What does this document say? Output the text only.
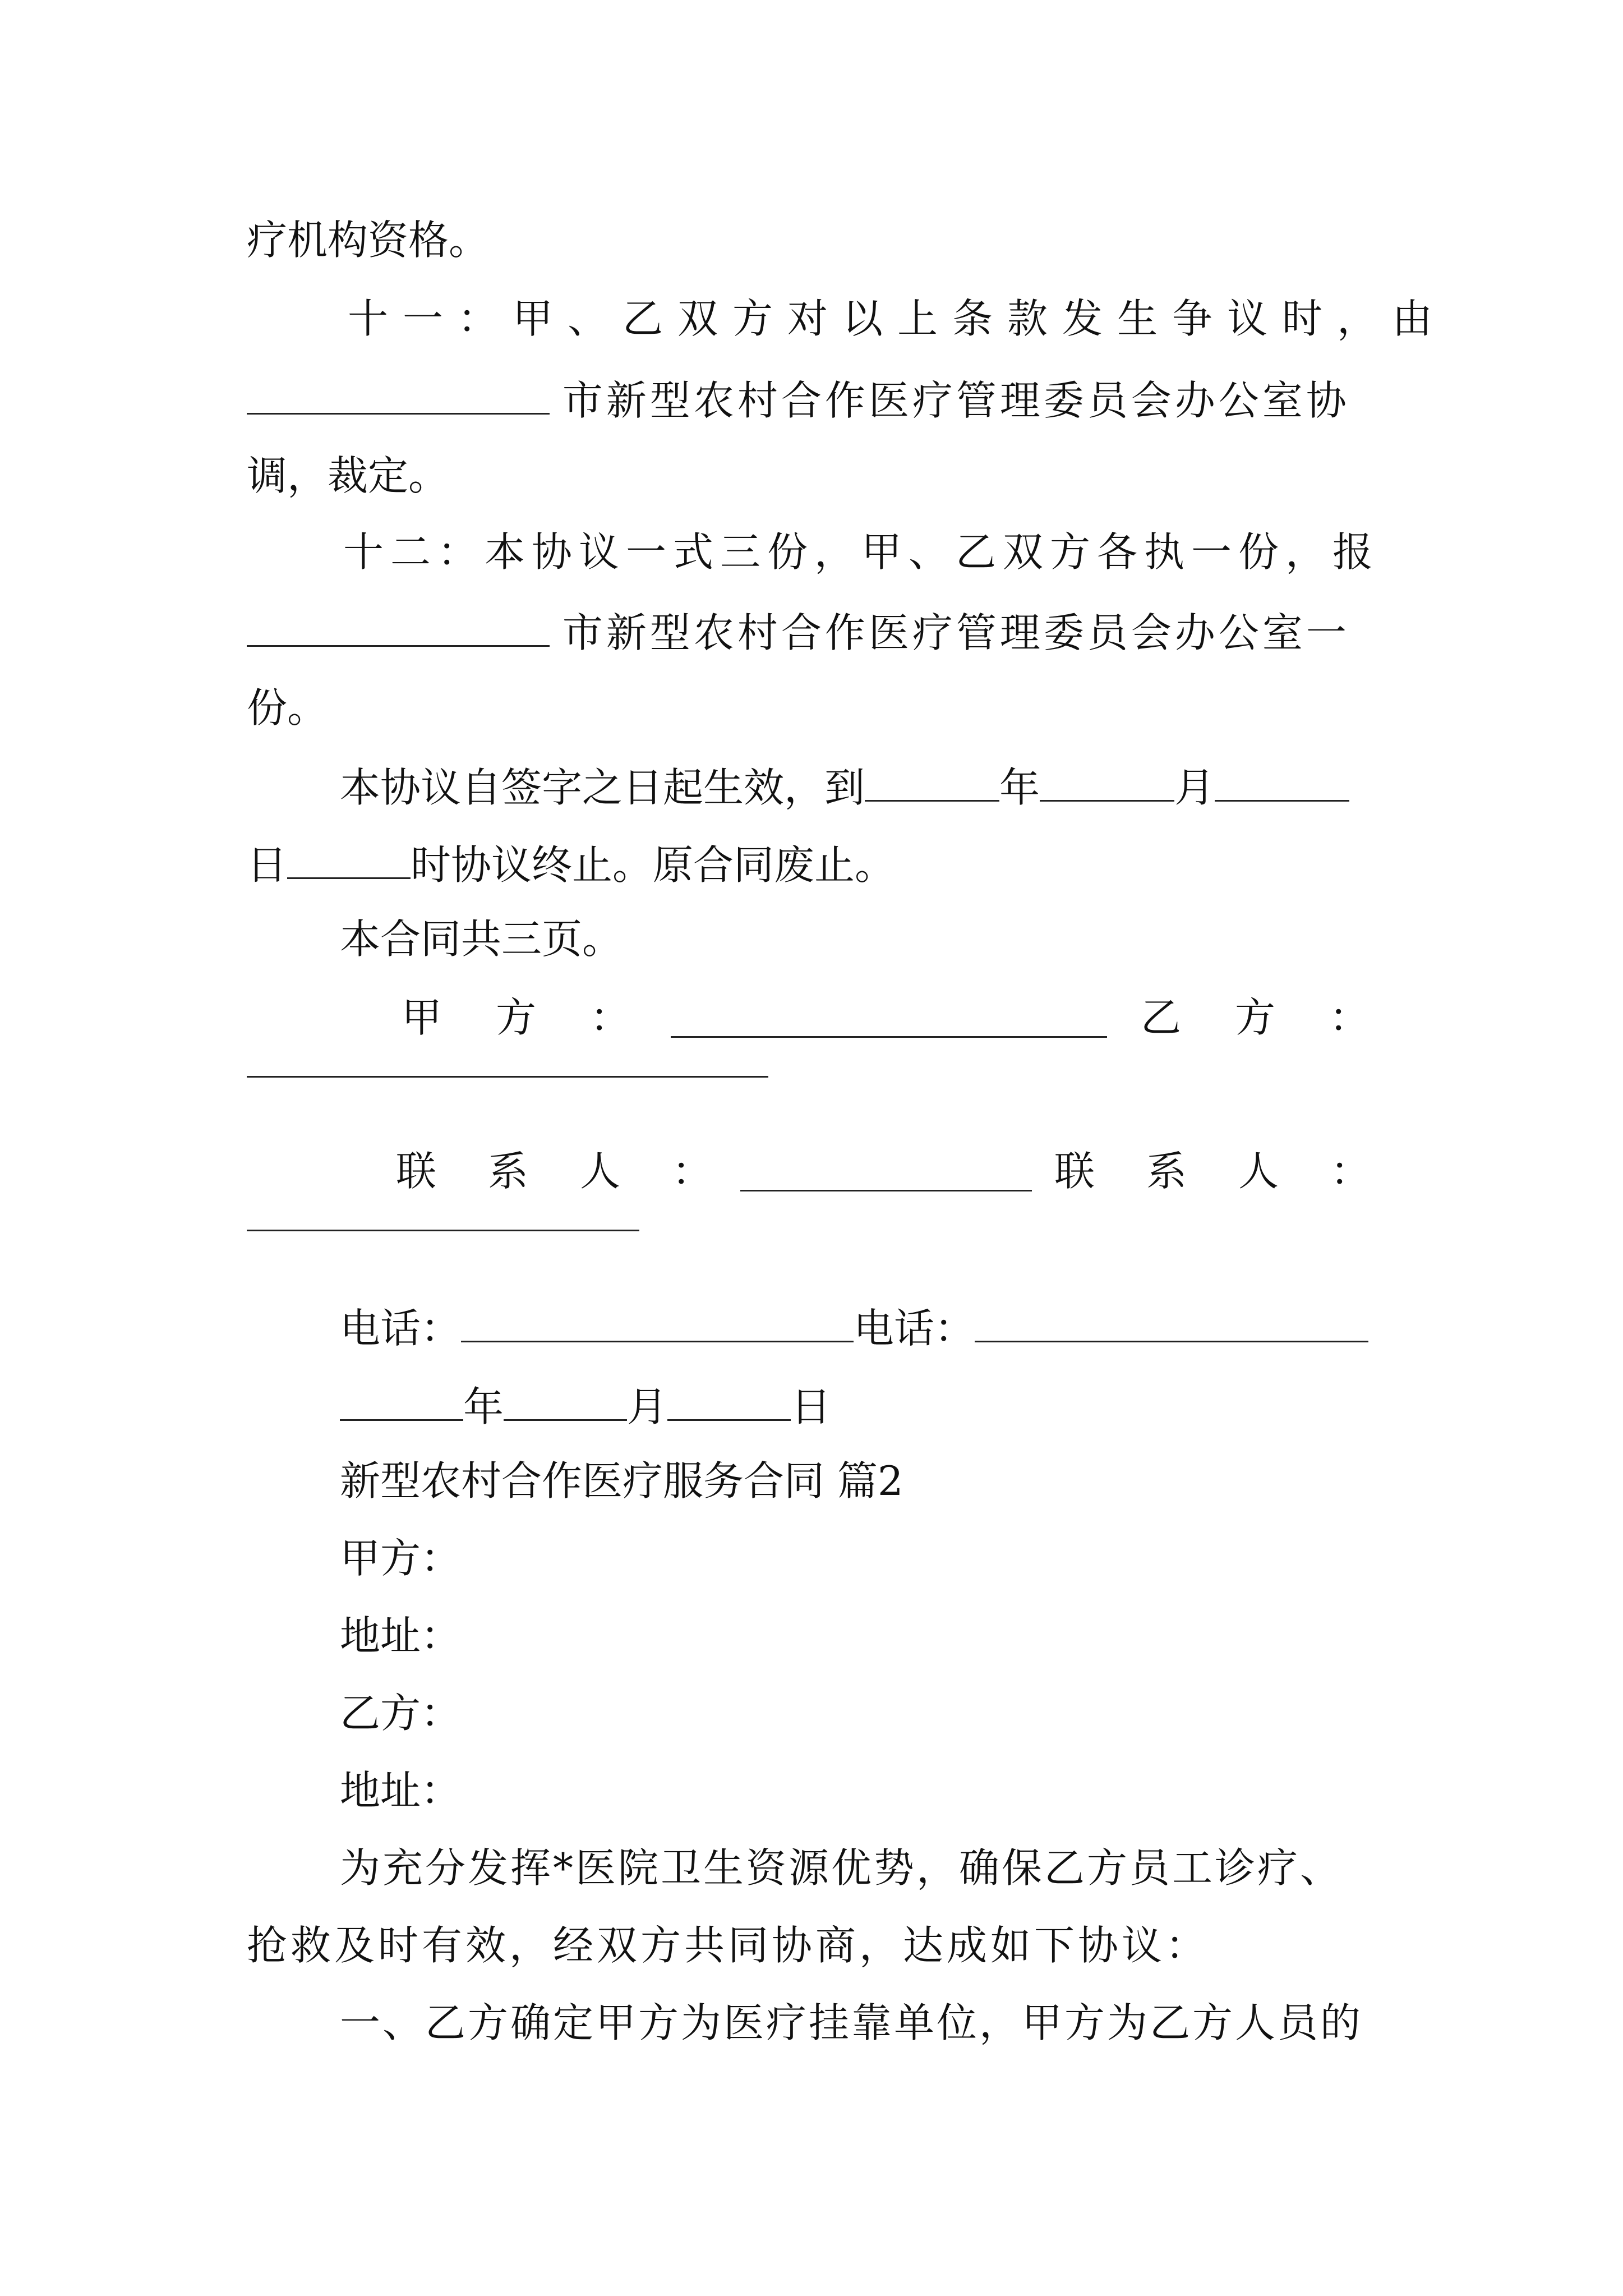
疗机构资格。
十一：甲、乙双方对以上条款发生争议时，由
市新型农村合作医疗管理委员会办公室协
调，裁定。
十二：本协议一式三份，甲、乙双方各执一份，报
市新型农村合作医疗管理委员会办公室一
份。
本协议自签字之日起生效，到	年	月
日	时协议终止。原合同废止。
本合同共三页。
甲　方　：	乙　方　：
联　系　人　：	联　系　人　：
电话：	电话：
年	月	日
新型农村合作医疗服务合同 篇2
甲方：
地址：
乙方：
地址：
为充分发挥*医院卫生资源优势，确保乙方员工诊疗、
抢救及时有效，经双方共同协商，达成如下协议：
一、乙方确定甲方为医疗挂靠单位，甲方为乙方人员的
